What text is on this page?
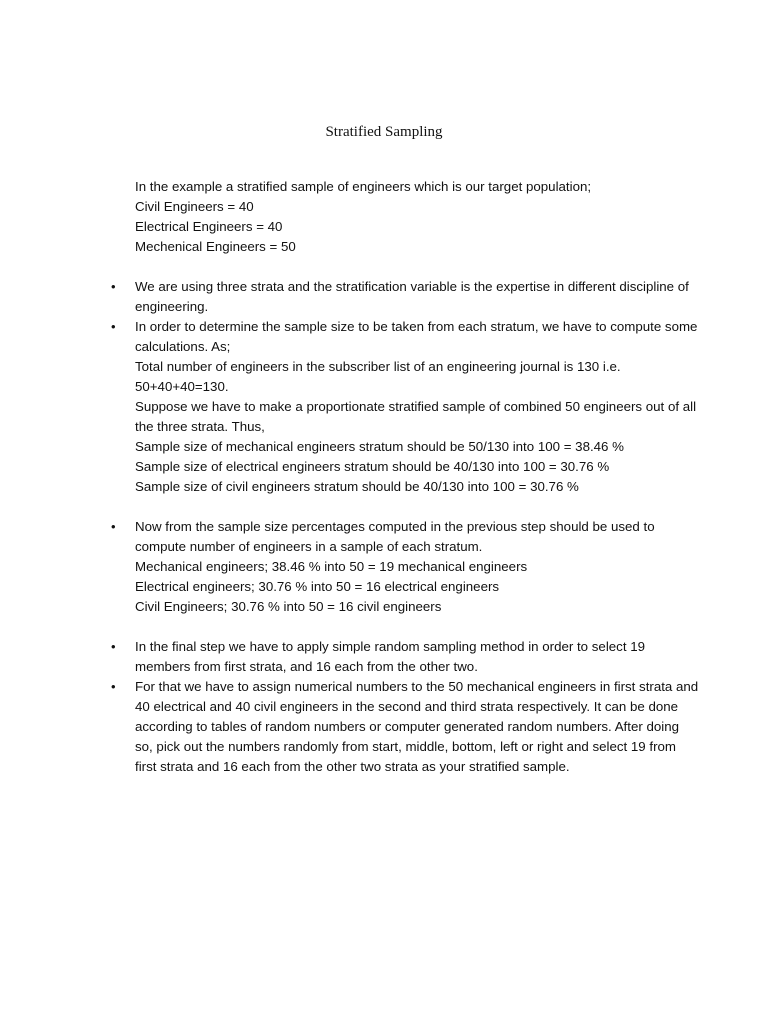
Stratified Sampling
In the example a stratified sample of engineers which is our target population;
Civil Engineers = 40
Electrical Engineers = 40
Mechenical Engineers = 50
• We are using three strata and the stratification variable is the expertise in different discipline of
engineering.
• In order to determine the sample size to be taken from each stratum, we have to compute some
calculations. As;
Total number of engineers in the subscriber list of an engineering journal is 130 i.e.
50+40+40=130.
Suppose we have to make a proportionate stratified sample of combined 50 engineers out of all
the three strata. Thus,
Sample size of mechanical engineers stratum should be 50/130 into 100 = 38.46 %
Sample size of electrical engineers stratum should be 40/130 into 100 = 30.76 %
Sample size of civil engineers stratum should be 40/130 into 100 = 30.76 %
• Now from the sample size percentages computed in the previous step should be used to
compute number of engineers in a sample of each stratum.
Mechanical engineers; 38.46 % into 50 = 19 mechanical engineers
Electrical engineers; 30.76 % into 50 = 16 electrical engineers
Civil Engineers; 30.76 % into 50 = 16 civil engineers
• In the final step we have to apply simple random sampling method in order to select 19
members from first strata, and 16 each from the other two.
• For that we have to assign numerical numbers to the 50 mechanical engineers in first strata and
40 electrical and 40 civil engineers in the second and third strata respectively. It can be done
according to tables of random numbers or computer generated random numbers. After doing
so, pick out the numbers randomly from start, middle, bottom, left or right and select 19 from
first strata and 16 each from the other two strata as your stratified sample.
